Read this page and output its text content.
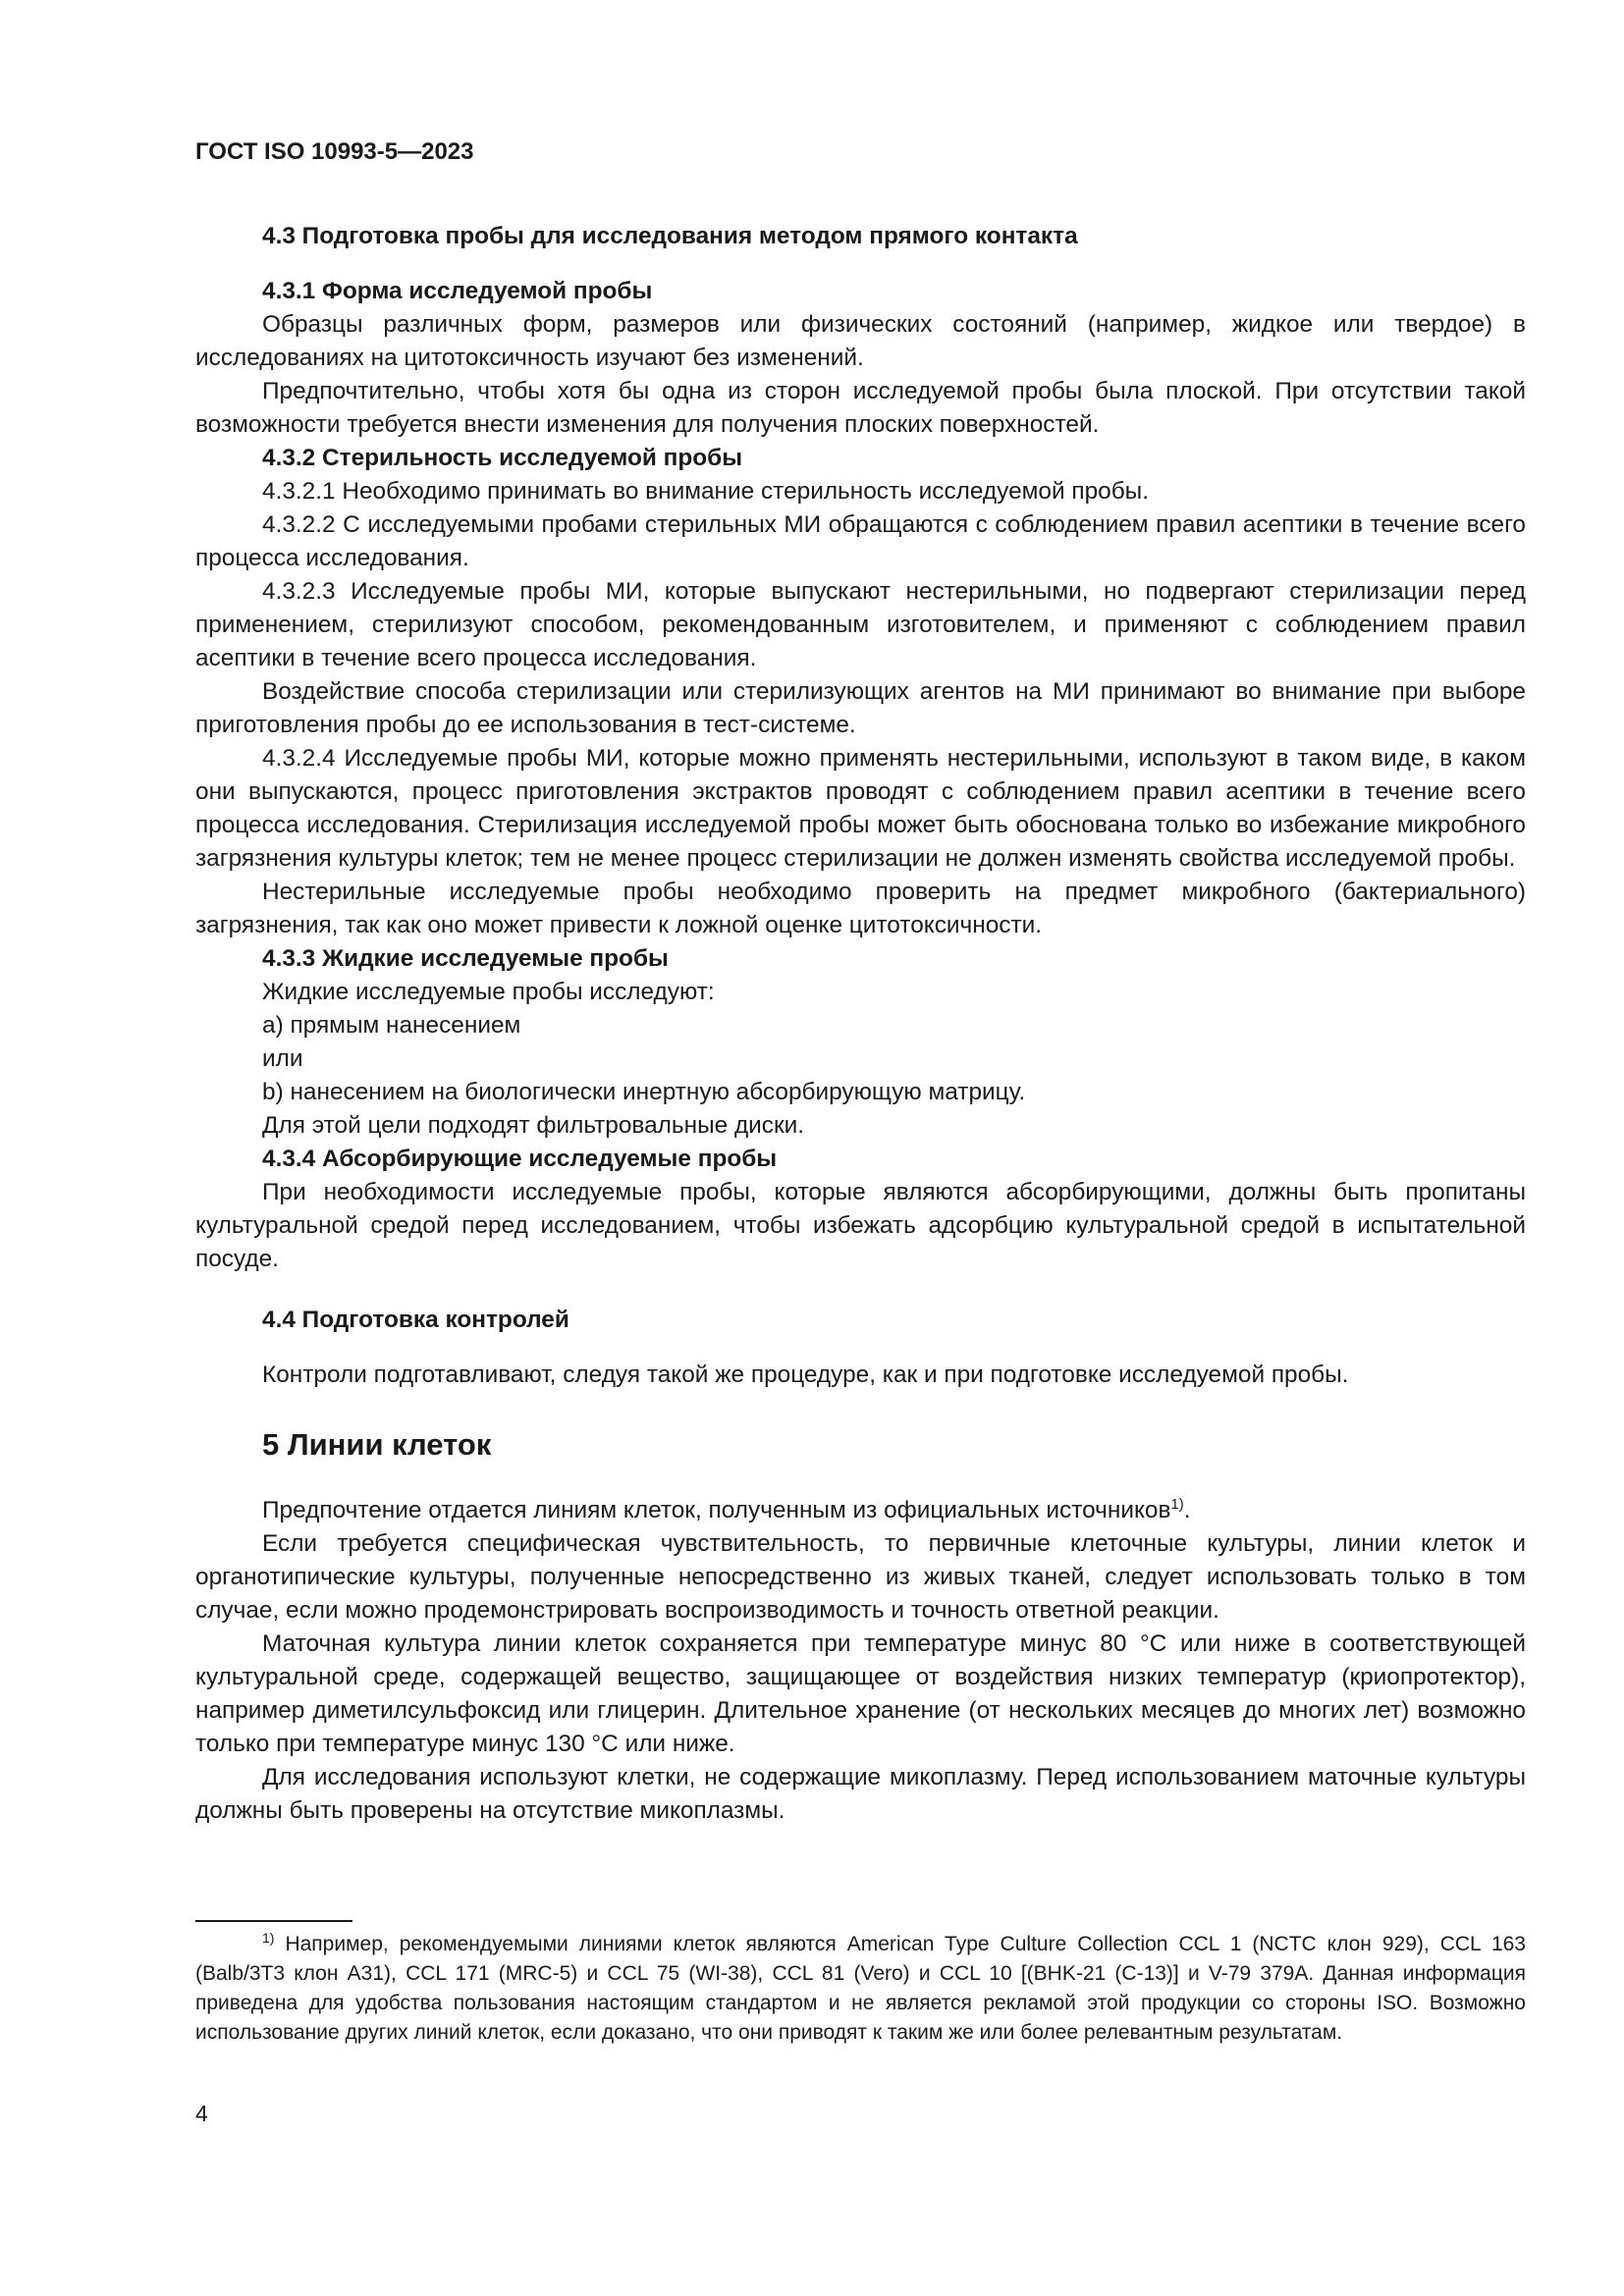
ГОСТ ISO 10993-5—2023
4.3 Подготовка пробы для исследования методом прямого контакта
4.3.1 Форма исследуемой пробы

Образцы различных форм, размеров или физических состояний (например, жидкое или твердое) в исследованиях на цитотоксичность изучают без изменений.

Предпочтительно, чтобы хотя бы одна из сторон исследуемой пробы была плоской. При отсутствии такой возможности требуется внести изменения для получения плоских поверхностей.

4.3.2 Стерильность исследуемой пробы

4.3.2.1 Необходимо принимать во внимание стерильность исследуемой пробы.

4.3.2.2 С исследуемыми пробами стерильных МИ обращаются с соблюдением правил асептики в течение всего процесса исследования.

4.3.2.3 Исследуемые пробы МИ, которые выпускают нестерильными, но подвергают стерилизации перед применением, стерилизуют способом, рекомендованным изготовителем, и применяют с соблюдением правил асептики в течение всего процесса исследования.

Воздействие способа стерилизации или стерилизующих агентов на МИ принимают во внимание при выборе приготовления пробы до ее использования в тест-системе.

4.3.2.4 Исследуемые пробы МИ, которые можно применять нестерильными, используют в таком виде, в каком они выпускаются, процесс приготовления экстрактов проводят с соблюдением правил асептики в течение всего процесса исследования. Стерилизация исследуемой пробы может быть обоснована только во избежание микробного загрязнения культуры клеток; тем не менее процесс стерилизации не должен изменять свойства исследуемой пробы.

Нестерильные исследуемые пробы необходимо проверить на предмет микробного (бактериального) загрязнения, так как оно может привести к ложной оценке цитотоксичности.

4.3.3 Жидкие исследуемые пробы
Жидкие исследуемые пробы исследуют:
a) прямым нанесением
или
b) нанесением на биологически инертную абсорбирующую матрицу.
Для этой цели подходят фильтровальные диски.
4.3.4 Абсорбирующие исследуемые пробы

При необходимости исследуемые пробы, которые являются абсорбирующими, должны быть пропитаны культуральной средой перед исследованием, чтобы избежать адсорбцию культуральной средой в испытательной посуде.

4.4 Подготовка контролей

Контроли подготавливают, следуя такой же процедуре, как и при подготовке исследуемой пробы.

5 Линии клеток

Предпочтение отдается линиям клеток, полученным из официальных источников$^{1)}$.

Если требуется специфическая чувствительность, то первичные клеточные культуры, линии клеток и органотипические культуры, полученные непосредственно из живых тканей, следует использовать только в том случае, если можно продемонстрировать воспроизводимость и точность ответной реакции.

Маточная культура линии клеток сохраняется при температуре минус 80 °С или ниже в соответствующей культуральной среде, содержащей вещество, защищающее от воздействия низких температур (криопротектор), например диметилсульфоксид или глицерин. Длительное хранение (от нескольких месяцев до многих лет) возможно только при температуре минус 130 °С или ниже.

Для исследования используют клетки, не содержащие микоплазму. Перед использованием маточные культуры должны быть проверены на отсутствие микоплазмы.

$^{1)}$ Например, рекомендуемыми линиями клеток являются American Type Culture Collection CCL 1 (NCTC клон 929), CCL 163 (Balb/3T3 клон A31), CCL 171 (MRC-5) и CCL 75 (WI-38), CCL 81 (Vero) и CCL 10 [(BHK-21 (C-13)] и V-79 379A. Данная информация приведена для удобства пользования настоящим стандартом и не является рекламой этой продукции со стороны ISO. Возможно использование других линий клеток, если доказано, что они приводят к таким же или более релевантным результатам.
4
